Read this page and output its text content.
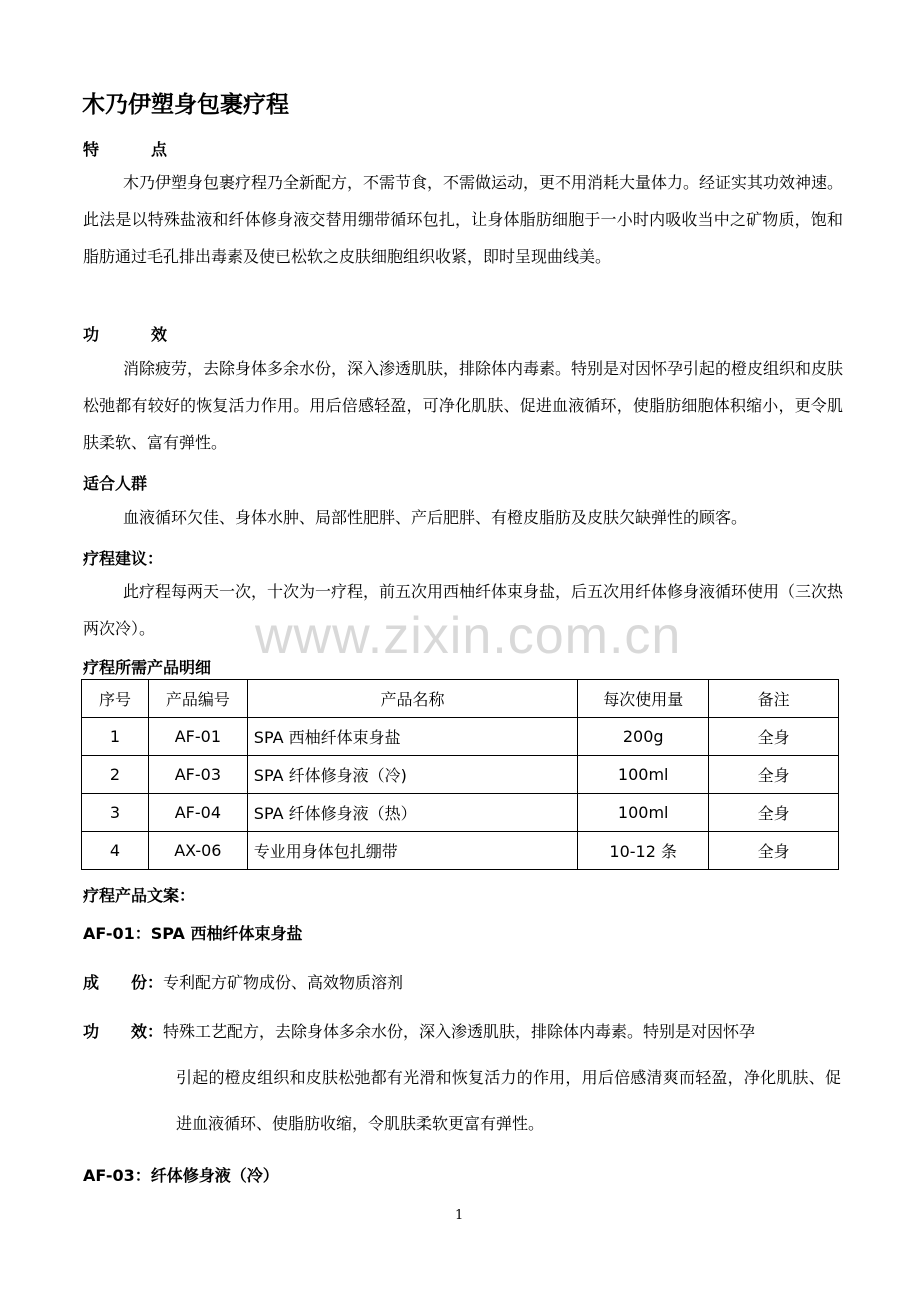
木乃伊塑身包裹疗程
特　点
木乃伊塑身包裹疗程乃全新配方，不需节食，不需做运动，更不用消耗大量体力。经证实其功效神速。此法是以特殊盐液和纤体修身液交替用绷带循环包扎，让身体脂肪细胞于一小时内吸收当中之矿物质，饱和脂肪通过毛孔排出毒素及使已松软之皮肤细胞组织收紧，即时呈现曲线美。
功　效
消除疲劳，去除身体多余水份，深入渗透肌肤，排除体内毒素。特别是对因怀孕引起的橙皮组织和皮肤松弛都有较好的恢复活力作用。用后倍感轻盈，可净化肌肤、促进血液循环，使脂肪细胞体积缩小，更令肌肤柔软、富有弹性。
适合人群
血液循环欠佳、身体水肿、局部性肥胖、产后肥胖、有橙皮脂肪及皮肤欠缺弹性的顾客。
疗程建议：
此疗程每两天一次，十次为一疗程，前五次用西柚纤体束身盐，后五次用纤体修身液循环使用（三次热两次冷）。	www.zixin.com.cn
疗程所需产品明细
序号	产品编号	产品名称	每次使用量	备注
1	AF-01	SPA 西柚纤体束身盐	200g	全身
2	AF-03	SPA 纤体修身液（冷)	100ml	全身
3	AF-04	SPA 纤体修身液（热）	100ml	全身
4	AX-06	专业用身体包扎绷带	10-12 条	全身
疗程产品文案：
AF-01：SPA 西柚纤体束身盐
成　　份：专利配方矿物成份、高效物质溶剂
功　　效：特殊工艺配方，去除身体多余水份，深入渗透肌肤，排除体内毒素。特别是对因怀孕
引起的橙皮组织和皮肤松弛都有光滑和恢复活力的作用，用后倍感清爽而轻盈，净化肌肤、促进血液循环、使脂肪收缩，令肌肤柔软更富有弹性。
AF-03：纤体修身液（冷）
1
